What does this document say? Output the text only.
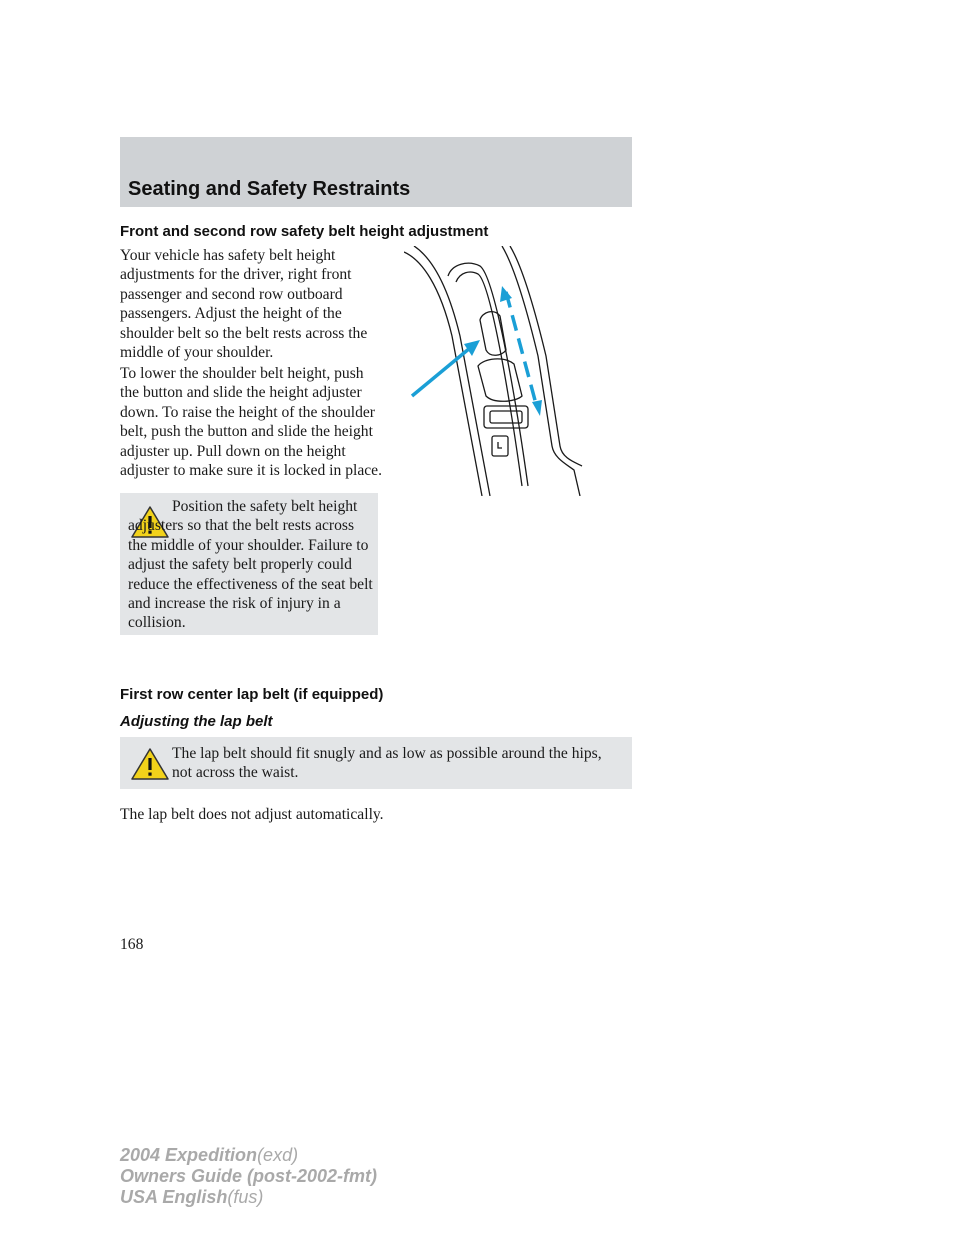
Seating and Safety Restraints
Front and second row safety belt height adjustment

Your vehicle has safety belt height adjustments for the driver, right front passenger and second row outboard passengers. Adjust the height of the shoulder belt so the belt rests across the middle of your shoulder.

To lower the shoulder belt height, push the button and slide the height adjuster down. To raise the height of the shoulder belt, push the button and slide the height adjuster up. Pull down on the height adjuster to make sure it is locked in place.

Position the safety belt height adjusters so that the belt rests across the middle of your shoulder. Failure to adjust the safety belt properly could reduce the effectiveness of the seat belt and increase the risk of injury in a collision.

First row center lap belt (if equipped)
Adjusting the lap belt

The lap belt should fit snugly and as low as possible around the hips, not across the waist.

The lap belt does not adjust automatically.

168
2004 Expedition(exd)
Owners Guide (post-2002-fmt)
USA English(fus)
